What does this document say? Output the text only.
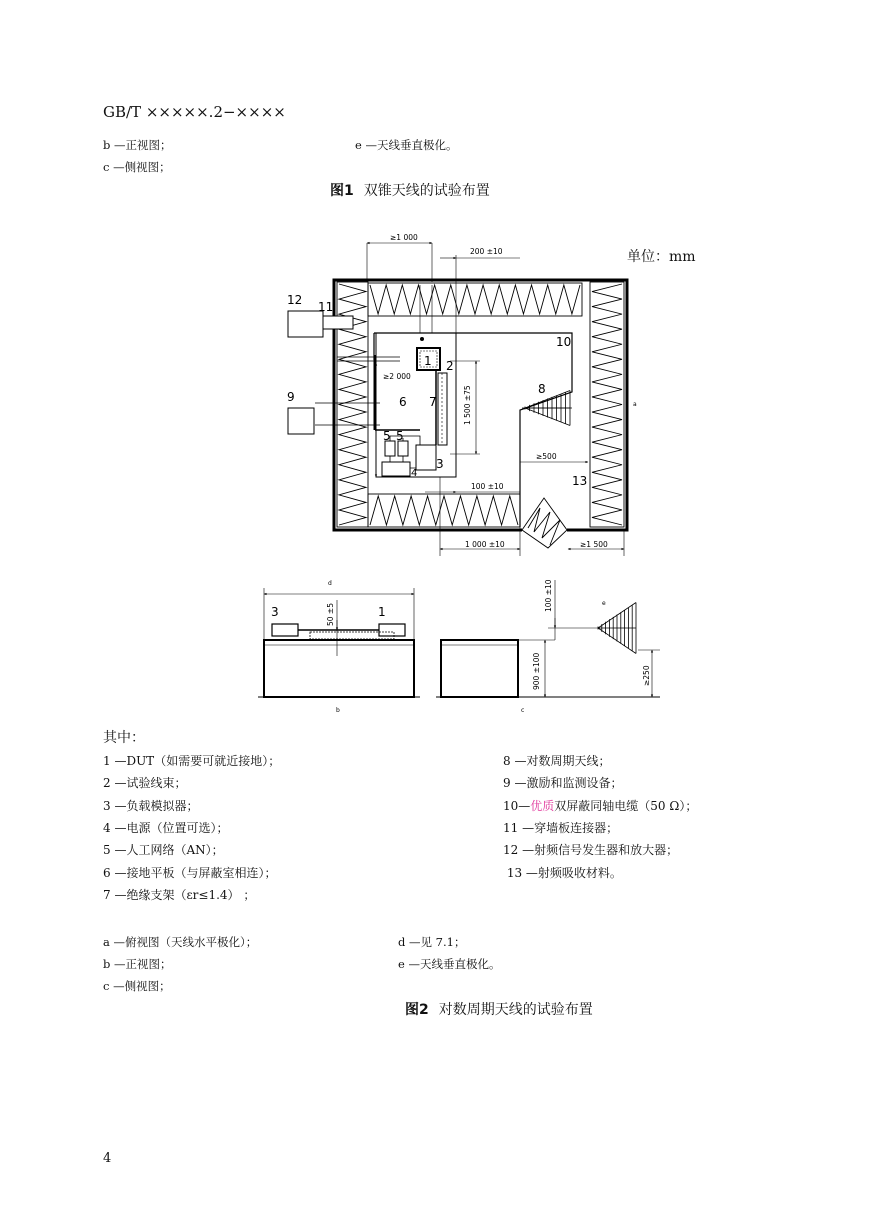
GB/T ×××××.2−××××
b —正视图；
c —侧视图；
e —天线垂直极化。
图1 双锥天线的试验布置
单位：mm
≥1 000
200 ±10
≥2 000
1 500 ±75
≥500
100 ±10
1 000 ±10	≥1 500
50 ±5
100 ±10
900 ±100	≥250
1 2
3
4
5 5
6 7
8
9
10
11
12
13
a
b	c
d
e
3	1
其中：
1 —DUT（如需要可就近接地）；
2 —试验线束；
3 —负载模拟器；
4 —电源（位置可选）；
5 —人工网络（AN）；
6 —接地平板（与屏蔽室相连）；
7 —绝缘支架（εr≤1.4） ；
8 —对数周期天线；
9 —激励和监测设备；
10—优质双屏蔽同轴电缆（50 Ω）；
11 —穿墙板连接器；
12 —射频信号发生器和放大器；
13 —射频吸收材料。
a —俯视图（天线水平极化）；
b —正视图；
c —侧视图；
d —见 7.1；
e —天线垂直极化。
图2 对数周期天线的试验布置
4
